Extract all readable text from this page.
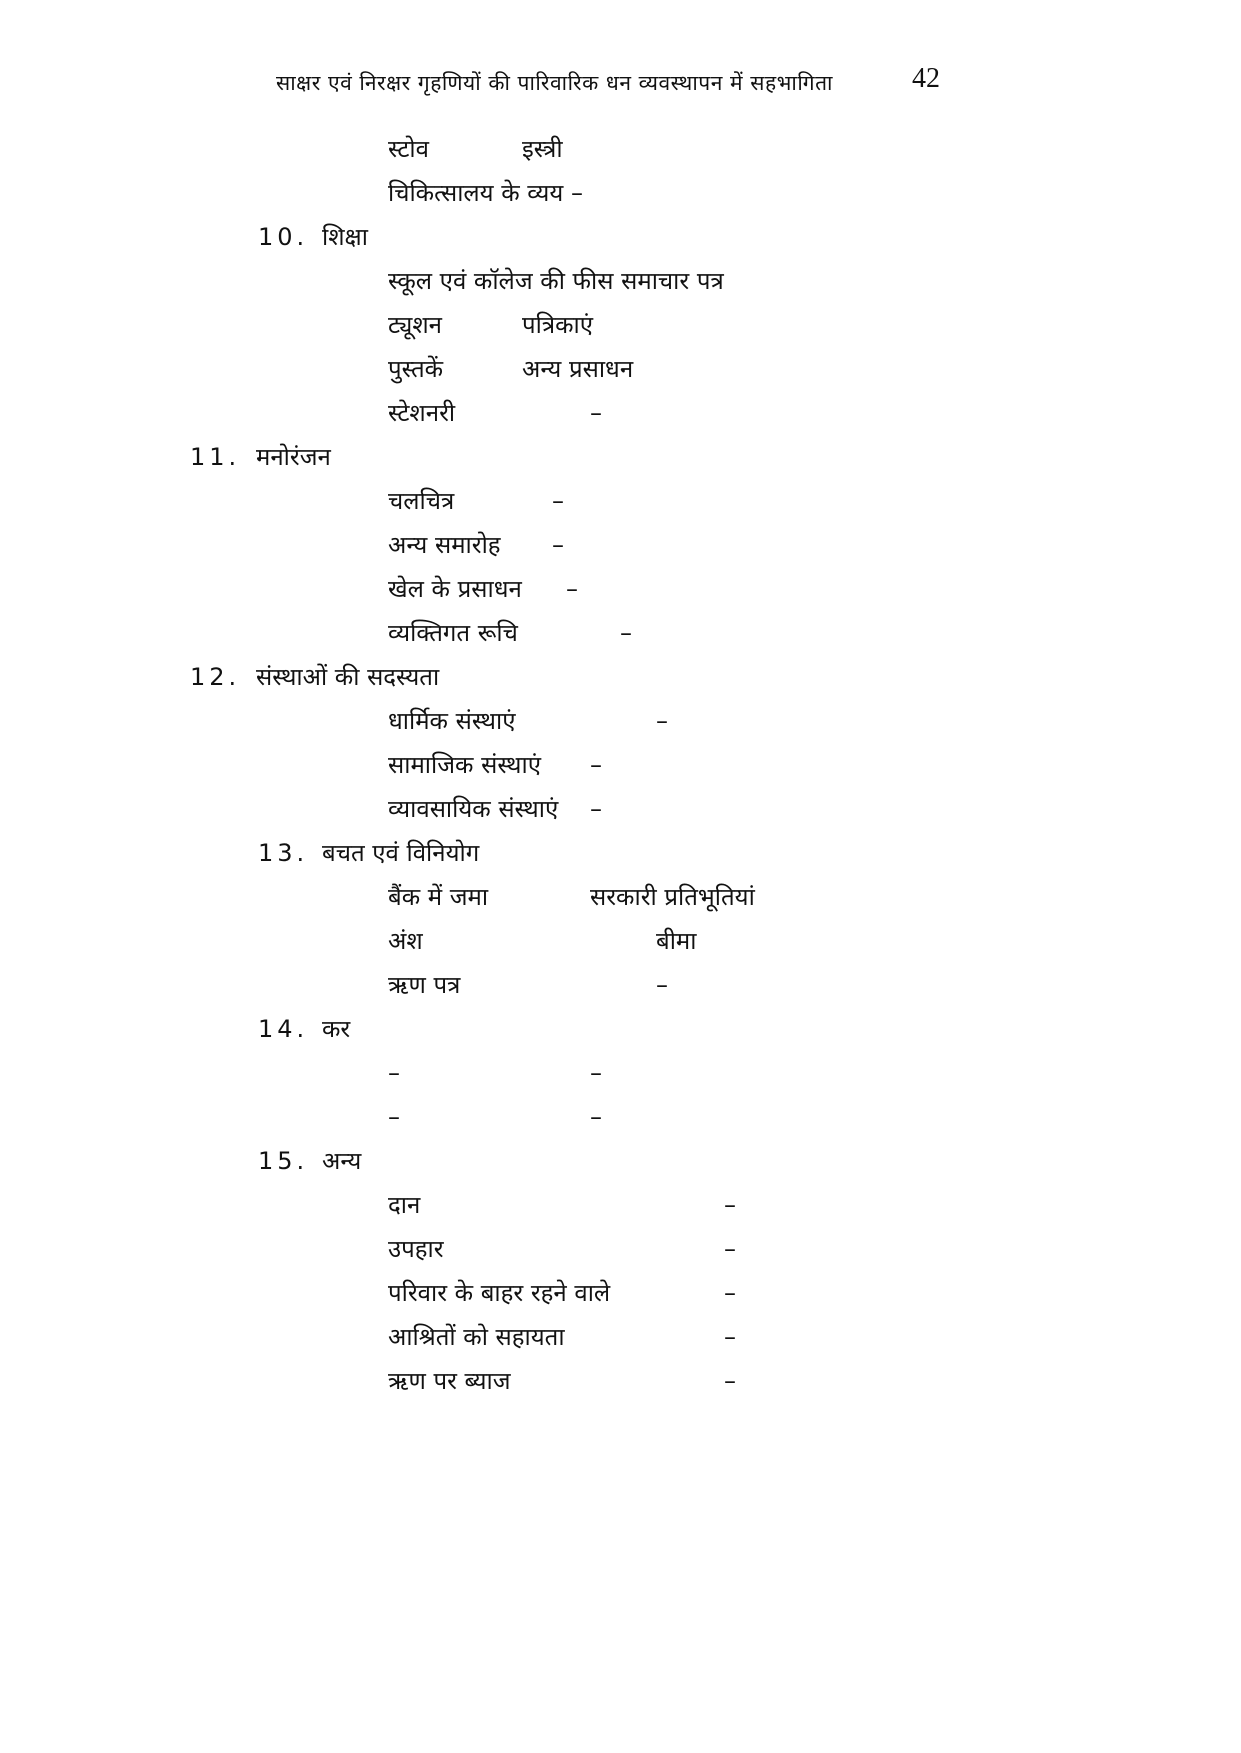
साक्षर एवं निरक्षर गृहणियों की पारिवारिक धन व्यवस्थापन में सहभागिता	42
स्टोव	इस्त्री
चिकित्सालय के व्यय –
10. शिक्षा
स्कूल एवं कॉलेज की फीस समाचार पत्र
ट्यूशन	पत्रिकाएं
पुस्तकें	अन्य प्रसाधन
स्टेशनरी	–
11. मनोरंजन
चलचित्र	–
अन्य समारोह –
खेल के प्रसाधन –
व्यक्तिगत रूचि	–
12. संस्थाओं की सदस्यता
धार्मिक संस्थाएं	–
सामाजिक संस्थाएं –
व्यावसायिक संस्थाएं –
13. बचत एवं विनियोग
बैंक में जमा	सरकारी प्रतिभूतियां
अंश	बीमा
ऋण पत्र	–
14. कर
–	–
–	–
15. अन्य
दान	–
उपहार	–
परिवार के बाहर रहने वाले	–
आश्रितों को सहायता	–
ऋण पर ब्याज	–
